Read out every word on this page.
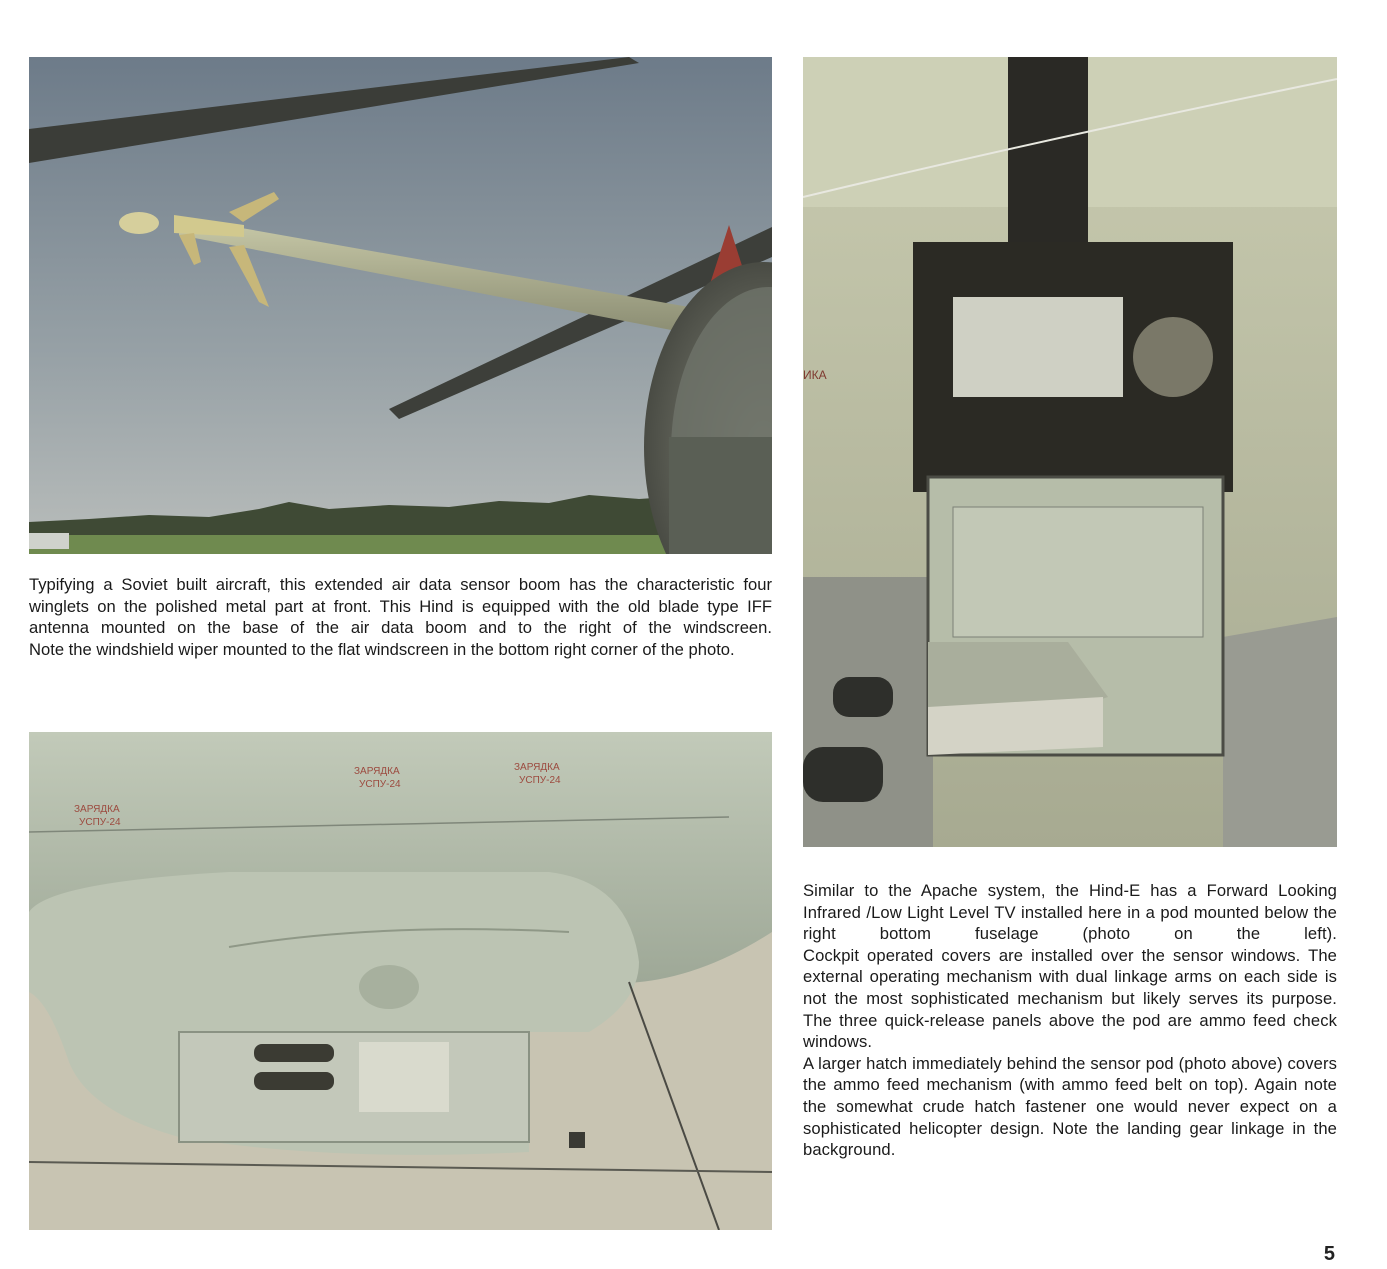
ИКА
ЗАРЯДКА
УСПУ-24
ЗАРЯДКА
УСПУ-24
ЗАРЯДКА
УСПУ-24

Typifying a Soviet built aircraft, this extended air data sensor boom has the characteristic four winglets on the polished metal part at front. This Hind is equipped with the old blade type IFF antenna mounted on the base of the air data boom and to the right of the windscreen.

Note the windshield wiper mounted to the flat windscreen in the bottom right corner of the photo.

Similar to the Apache system, the Hind-E has a Forward Looking Infrared /Low Light Level TV installed here in a pod mounted below the right bottom fuselage (photo on the left).

Cockpit operated covers are installed over the sensor windows. The external operating mechanism with dual linkage arms on each side is not the most sophisticated mechanism but likely serves its purpose. The three quick-release panels above the pod are ammo feed check windows.

A larger hatch immediately behind the sensor pod (photo above) covers the ammo feed mechanism (with ammo feed belt on top). Again note the somewhat crude hatch fastener one would never expect on a sophisticated helicopter design. Note the landing gear linkage in the background.

5
